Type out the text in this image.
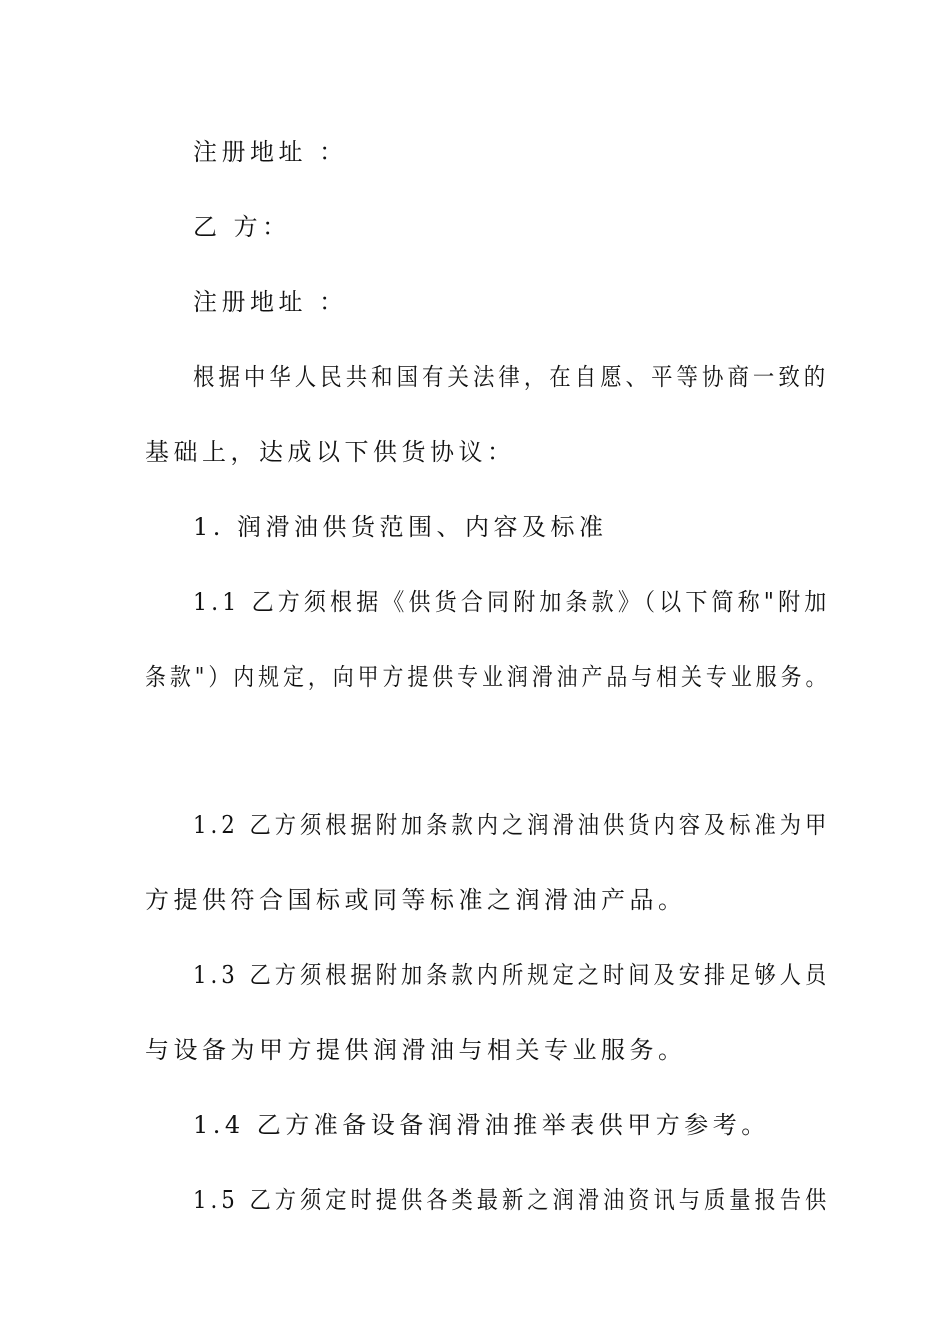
注册地址 ：
乙 方：
注册地址 ：
根据中华人民共和国有关法律，在自愿、平等协商一致的
基础上，达成以下供货协议：
1. 润滑油供货范围、内容及标准
1.1 乙方须根据《供货合同附加条款》（以下简称"附加
条款"）内规定，向甲方提供专业润滑油产品与相关专业服务。
1.2 乙方须根据附加条款内之润滑油供货内容及标准为甲
方提供符合国标或同等标准之润滑油产品。
1.3 乙方须根据附加条款内所规定之时间及安排足够人员
与设备为甲方提供润滑油与相关专业服务。
1.4 乙方准备设备润滑油推举表供甲方参考。
1.5 乙方须定时提供各类最新之润滑油资讯与质量报告供
